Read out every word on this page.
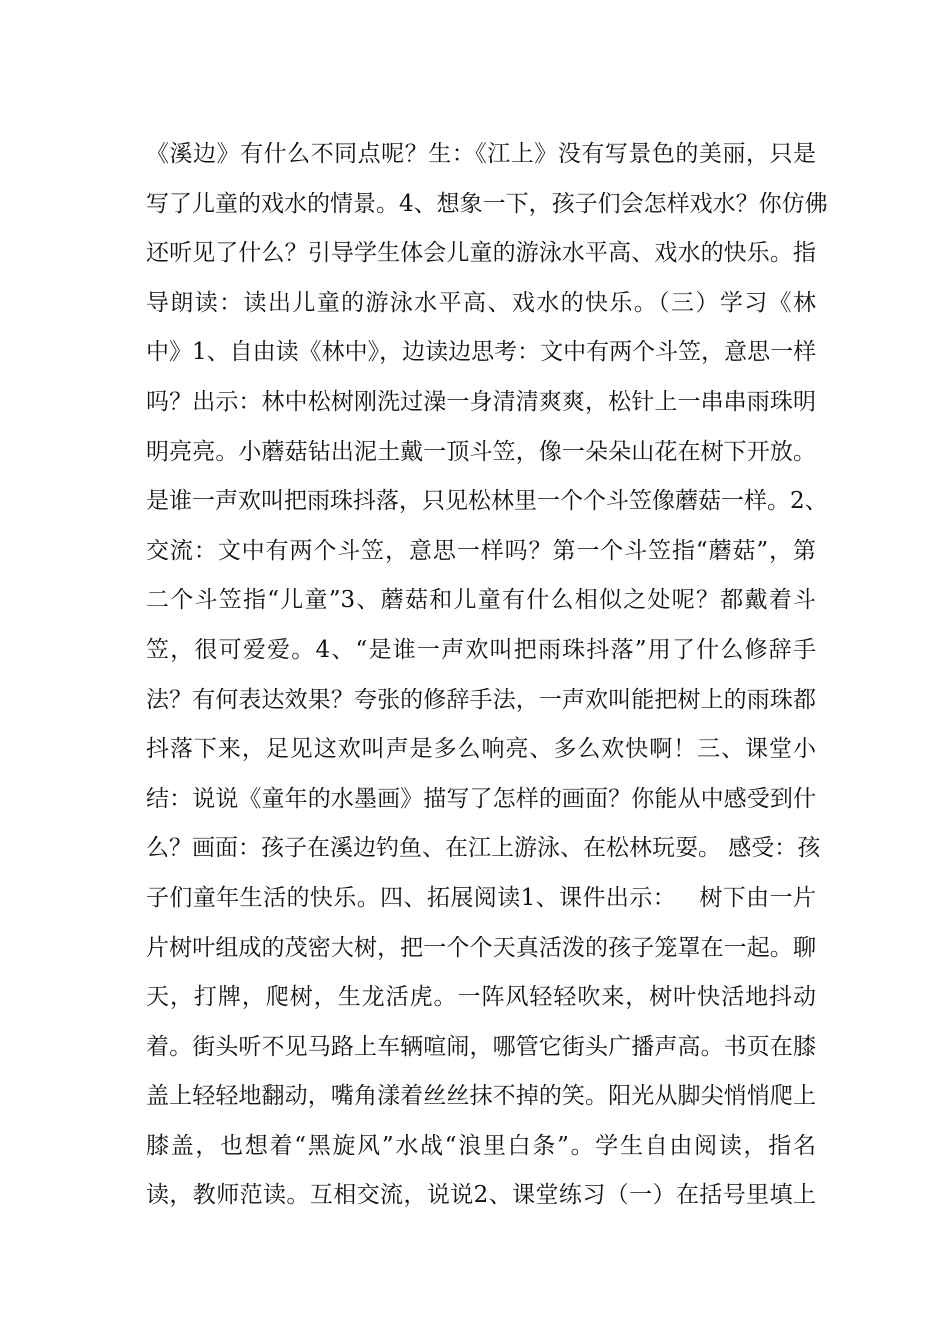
《溪边》有什么不同点呢？生：《江上》没有写景色的美丽，只是
写了儿童的戏水的情景。4、想象一下，孩子们会怎样戏水？你仿佛
还听见了什么？引导学生体会儿童的游泳水平高、戏水的快乐。指
导朗读：读出儿童的游泳水平高、戏水的快乐。（三）学习《林
中》1、自由读《林中》，边读边思考：文中有两个斗笠，意思一样
吗？出示：林中松树刚洗过澡一身清清爽爽，松针上一串串雨珠明
明亮亮。小蘑菇钻出泥土戴一顶斗笠，像一朵朵山花在树下开放。
是谁一声欢叫把雨珠抖落，只见松林里一个个斗笠像蘑菇一样。2、
交流：文中有两个斗笠，意思一样吗？第一个斗笠指“蘑菇”，第
二个斗笠指“儿童”3、蘑菇和儿童有什么相似之处呢？都戴着斗
笠，很可爱爱。4、“是谁一声欢叫把雨珠抖落”用了什么修辞手
法？有何表达效果？夸张的修辞手法，一声欢叫能把树上的雨珠都
抖落下来，足见这欢叫声是多么响亮、多么欢快啊！三、课堂小
结：说说《童年的水墨画》描写了怎样的画面？你能从中感受到什
么？画面：孩子在溪边钓鱼、在江上游泳、在松林玩耍。 感受：孩
子们童年生活的快乐。四、拓展阅读1、课件出示：   树下由一片
片树叶组成的茂密大树，把一个个天真活泼的孩子笼罩在一起。聊
天，打牌，爬树，生龙活虎。一阵风轻轻吹来，树叶快活地抖动
着。街头听不见马路上车辆喧闹，哪管它街头广播声高。书页在膝
盖上轻轻地翻动，嘴角漾着丝丝抹不掉的笑。阳光从脚尖悄悄爬上
膝盖，也想着“黑旋风”水战“浪里白条”。学生自由阅读，指名
读，教师范读。互相交流，说说2、课堂练习（一）在括号里填上
